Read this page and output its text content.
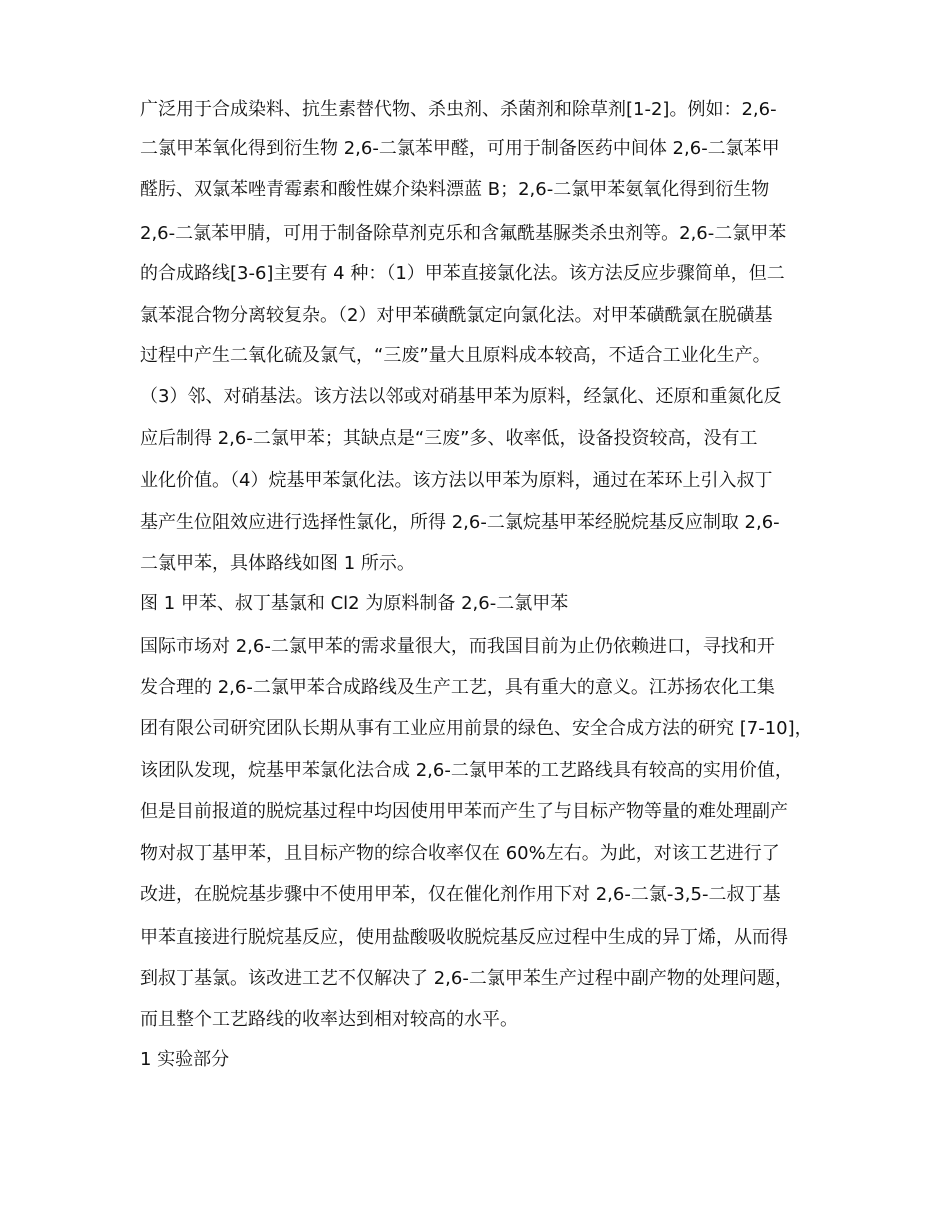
广泛用于合成染料、抗生素替代物、杀虫剂、杀菌剂和除草剂[1-2]。例如：2,6-
二氯甲苯氧化得到衍生物 2,6-二氯苯甲醛，可用于制备医药中间体 2,6-二氯苯甲
醛肟、双氯苯唑青霉素和酸性媒介染料漂蓝 B；2,6-二氯甲苯氨氧化得到衍生物
2,6-二氯苯甲腈，可用于制备除草剂克乐和含氟酰基脲类杀虫剂等。2,6-二氯甲苯
的合成路线[3-6]主要有 4 种：（1）甲苯直接氯化法。该方法反应步骤简单，但二
氯苯混合物分离较复杂。（2）对甲苯磺酰氯定向氯化法。对甲苯磺酰氯在脱磺基
过程中产生二氧化硫及氯气，“三废”量大且原料成本较高，不适合工业化生产。
（3）邻、对硝基法。该方法以邻或对硝基甲苯为原料，经氯化、还原和重氮化反
应后制得 2,6-二氯甲苯；其缺点是“三废”多、收率低，设备投资较高，没有工
业化价值。（4）烷基甲苯氯化法。该方法以甲苯为原料，通过在苯环上引入叔丁
基产生位阻效应进行选择性氯化，所得 2,6-二氯烷基甲苯经脱烷基反应制取 2,6-
二氯甲苯，具体路线如图 1 所示。
图 1 甲苯、叔丁基氯和 Cl2 为原料制备 2,6-二氯甲苯
国际市场对 2,6-二氯甲苯的需求量很大，而我国目前为止仍依赖进口，寻找和开
发合理的 2,6-二氯甲苯合成路线及生产工艺，具有重大的意义。江苏扬农化工集
团有限公司研究团队长期从事有工业应用前景的绿色、安全合成方法的研究 [7-10]，
该团队发现，烷基甲苯氯化法合成 2,6-二氯甲苯的工艺路线具有较高的实用价值，
但是目前报道的脱烷基过程中均因使用甲苯而产生了与目标产物等量的难处理副产
物对叔丁基甲苯，且目标产物的综合收率仅在 60%左右。为此，对该工艺进行了
改进，在脱烷基步骤中不使用甲苯，仅在催化剂作用下对 2,6-二氯-3,5-二叔丁基
甲苯直接进行脱烷基反应，使用盐酸吸收脱烷基反应过程中生成的异丁烯，从而得
到叔丁基氯。该改进工艺不仅解决了 2,6-二氯甲苯生产过程中副产物的处理问题，
而且整个工艺路线的收率达到相对较高的水平。
1 实验部分
